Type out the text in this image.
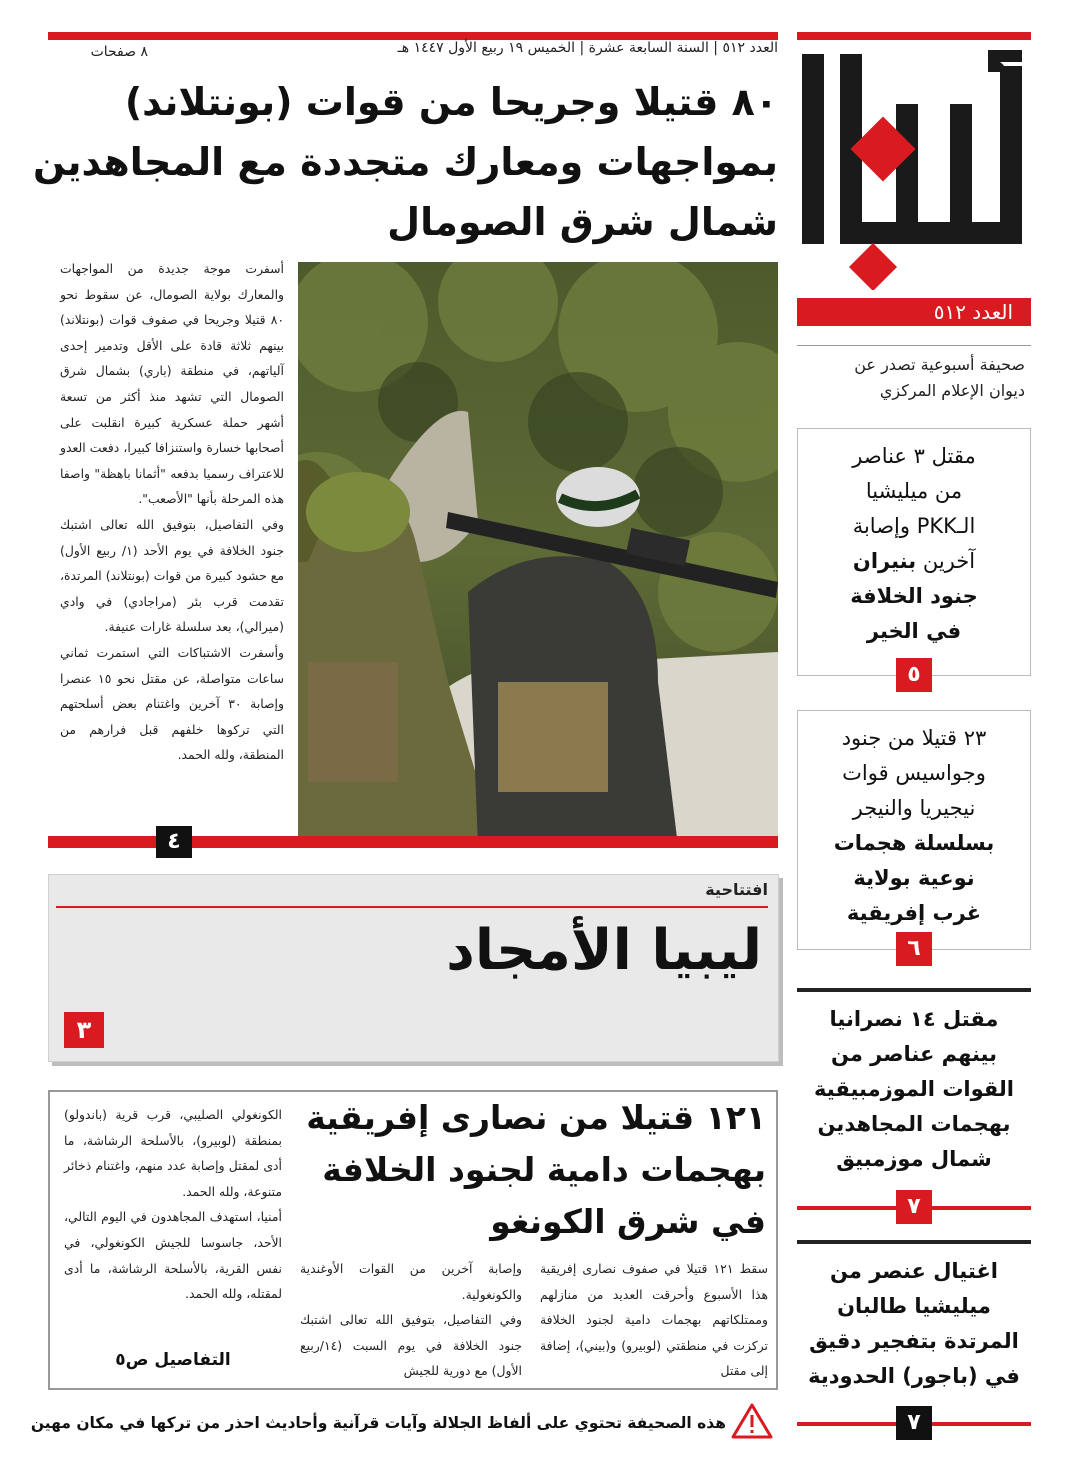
العدد ٥١٢ | السنة السابعة عشرة | الخميس ١٩ ربيع الأول ١٤٤٧ هـ
٨ صفحات
العدد ٥١٢
صحيفة أسبوعية تصدر عن
ديوان الإعلام المركزي
مقتل ٣ عناصر
من ميليشيا
الـPKK وإصابة
آخرين بنيران
جنود الخلافة
في الخير
٥
٢٣ قتيلا من جنود
وجواسيس قوات
نيجيريا والنيجر
بسلسلة هجمات
نوعية بولاية
غرب إفريقية
٦
مقتل ١٤ نصرانيا
بينهم عناصر من
القوات الموزمبيقية
بهجمات المجاهدين
شمال موزمبيق
٧
اغتيال عنصر من
ميليشيا طالبان
المرتدة بتفجير دقيق
في (باجور) الحدودية
٧
٨٠ قتيلا وجريحا من قوات (بونتلاند)
بمواجهات ومعارك متجددة مع المجاهدين
شمال شرق الصومال

أسفرت موجة جديدة من المواجهات والمعارك بولاية الصومال، عن سقوط نحو ٨٠ قتيلا وجريحا في صفوف قوات (بونتلاند) بينهم ثلاثة قادة على الأقل وتدمير إحدى آلياتهم، في منطقة (باري) بشمال شرق الصومال التي تشهد منذ أكثر من تسعة أشهر حملة عسكرية كبيرة انقلبت على أصحابها خسارة واستنزافا كبيرا، دفعت العدو للاعتراف رسميا بدفعه "أثمانا باهظة" واصفا هذه المرحلة بأنها "الأصعب".

وفي التفاصيل، بتوفيق الله تعالى اشتبك جنود الخلافة في يوم الأحد (١/ ربيع الأول) مع حشود كبيرة من قوات (بونتلاند) المرتدة، تقدمت قرب بئر (مراجادي) في وادي (ميرالي)، بعد سلسلة غارات عنيفة.

وأسفرت الاشتباكات التي استمرت ثماني ساعات متواصلة، عن مقتل نحو ١٥ عنصرا وإصابة ٣٠ آخرين واغتنام بعض أسلحتهم التي تركوها خلفهم قبل فرارهم من المنطقة، ولله الحمد.

٤
افتتاحية
ليبيا الأمجاد
٣
١٢١ قتيلا من نصارى إفريقية
بهجمات دامية لجنود الخلافة
في شرق الكونغو

سقط ١٢١ قتيلا في صفوف نصارى إفريقية هذا الأسبوع وأحرقت العديد من منازلهم وممتلكاتهم بهجمات دامية لجنود الخلافة تركزت في منطقتي (لوبيرو) و(بيني)، إضافة إلى مقتل

وإصابة آخرين من القوات الأوغندية والكونغولية.

وفي التفاصيل، بتوفيق الله تعالى اشتبك جنود الخلافة في يوم السبت (١٤/ربيع الأول) مع دورية للجيش

الكونغولي الصليبي، قرب قرية (باندولو) بمنطقة (لوبيرو)، بالأسلحة الرشاشة، ما أدى لمقتل وإصابة عدد منهم، واغتنام ذخائر متنوعة، ولله الحمد.

أمنيا، استهدف المجاهدون في اليوم التالي، الأحد، جاسوسا للجيش الكونغولي، في نفس القرية، بالأسلحة الرشاشة، ما أدى لمقتله، ولله الحمد.

التفاصيل ص٥
هذه الصحيفة تحتوي على ألفاظ الجلالة وآيات قرآنية وأحاديث احذر من تركها في مكان مهين
